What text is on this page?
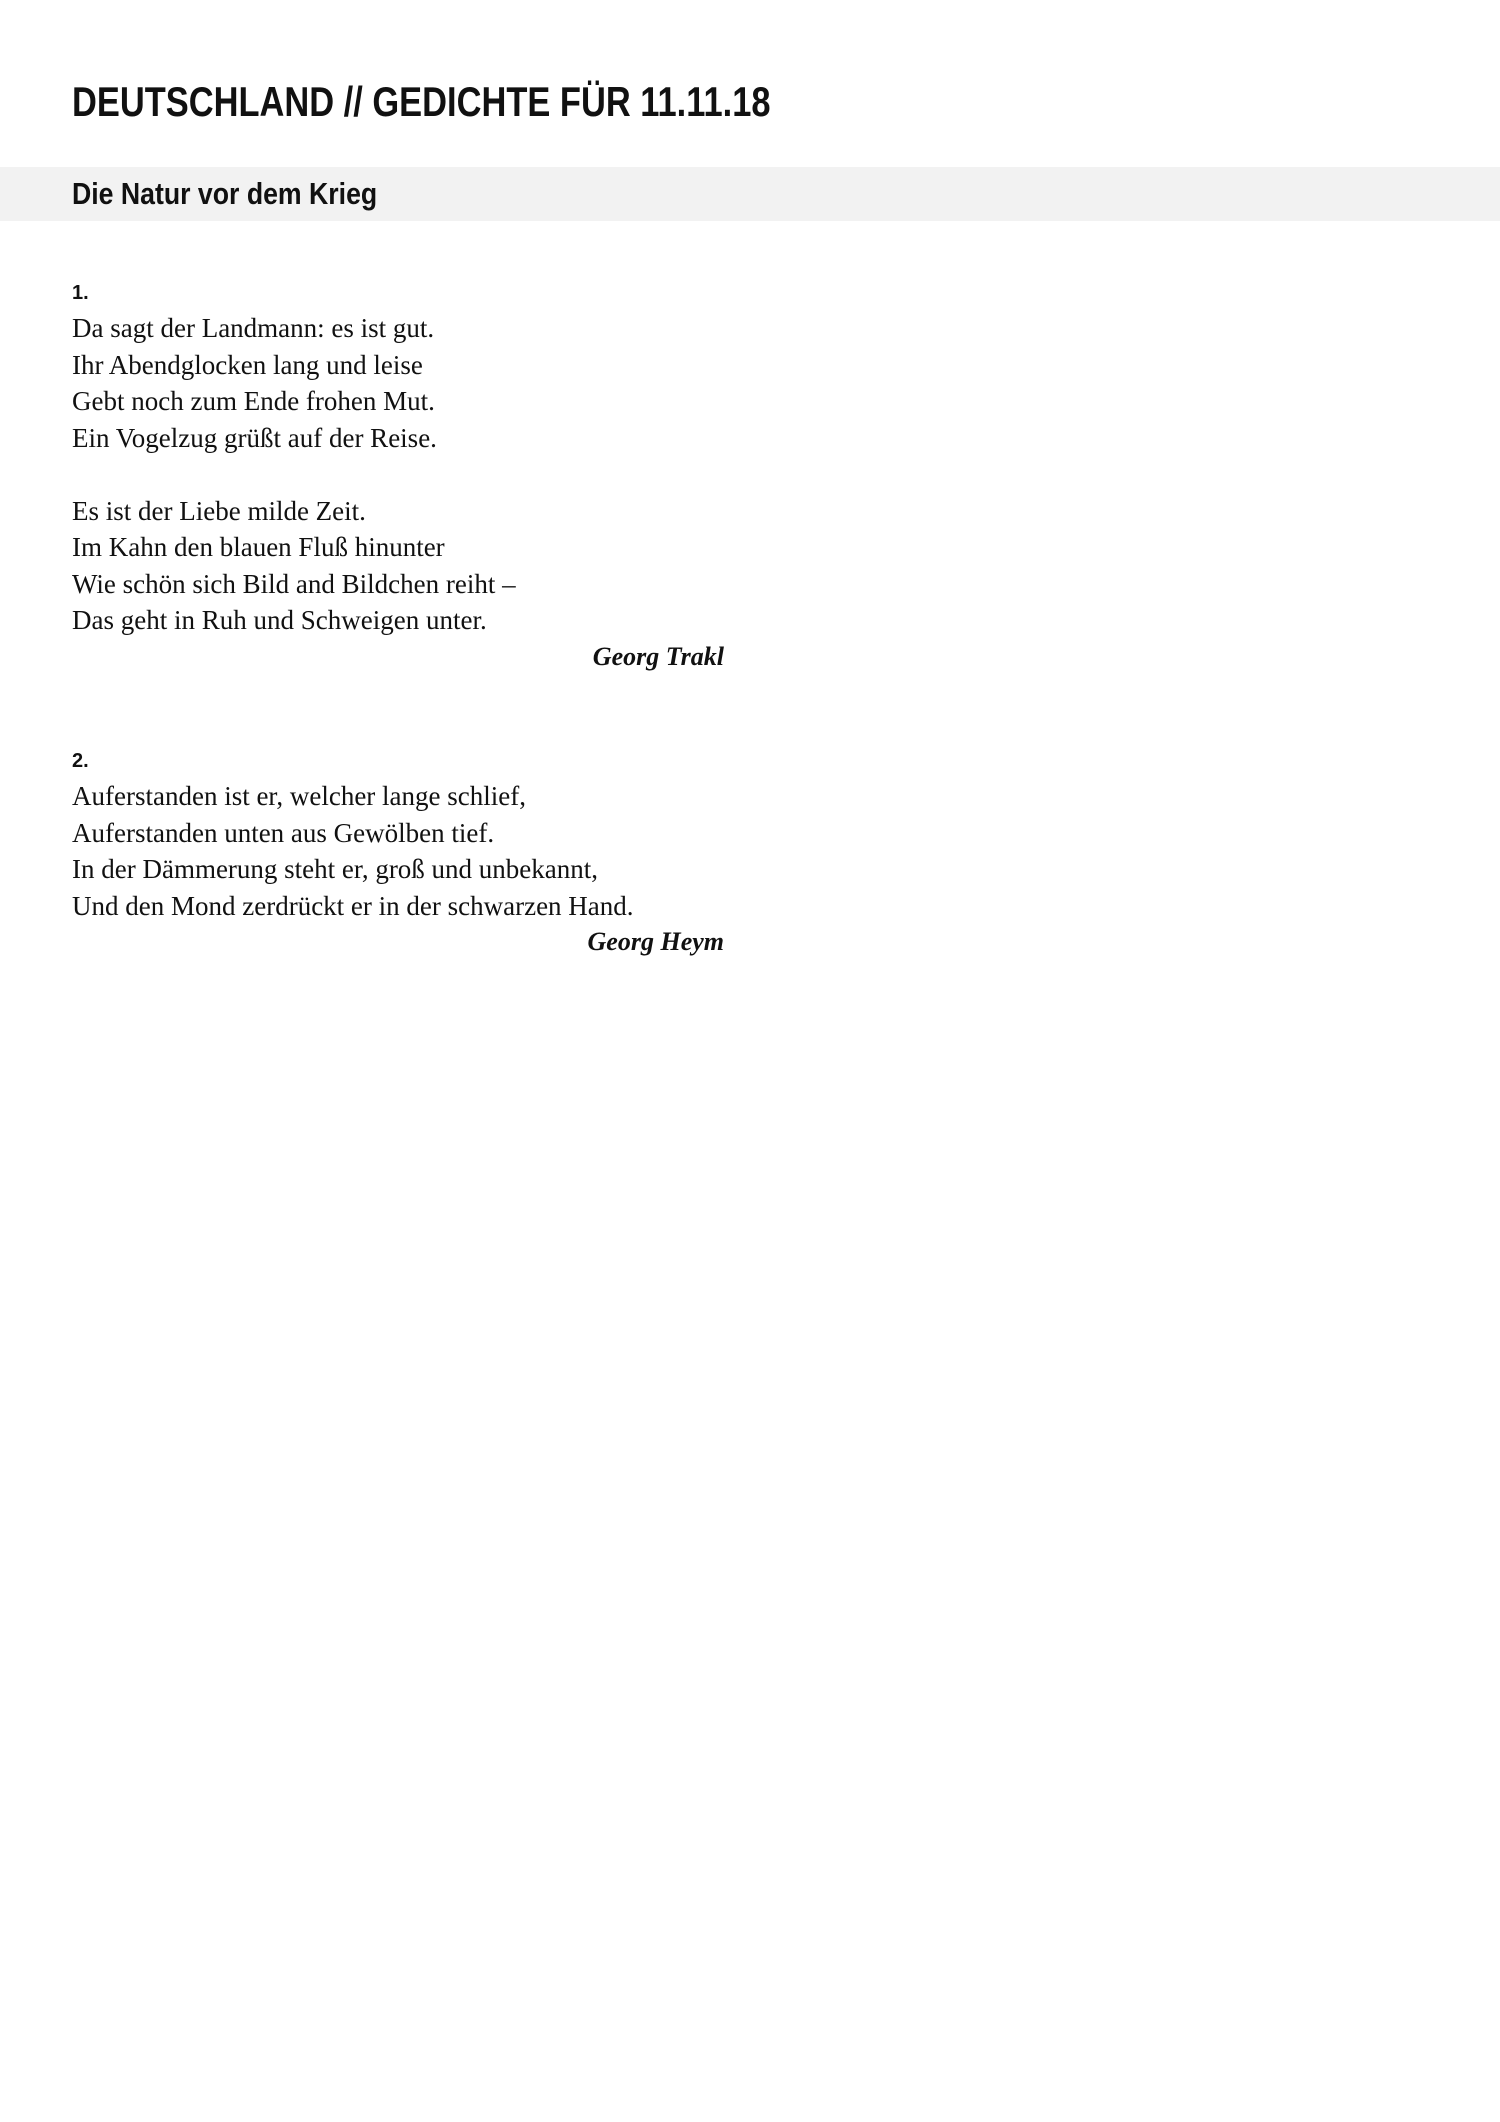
DEUTSCHLAND // GEDICHTE FÜR 11.11.18
Die Natur vor dem Krieg
1.
Da sagt der Landmann: es ist gut.
Ihr Abendglocken lang und leise
Gebt noch zum Ende frohen Mut.
Ein Vogelzug grüßt auf der Reise.
Es ist der Liebe milde Zeit.
Im Kahn den blauen Fluß hinunter
Wie schön sich Bild and Bildchen reiht –
Das geht in Ruh und Schweigen unter.
Georg Trakl
2.
Auferstanden ist er, welcher lange schlief,
Auferstanden unten aus Gewölben tief.
In der Dämmerung steht er, groß und unbekannt,
Und den Mond zerdrückt er in der schwarzen Hand.
Georg Heym
